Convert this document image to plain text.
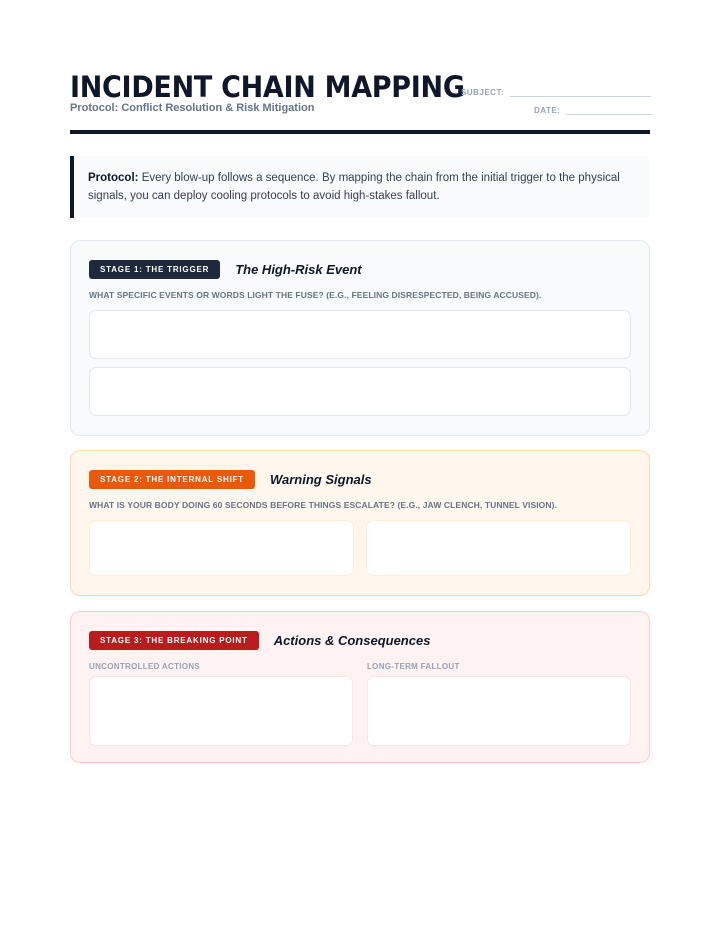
INCIDENT CHAIN MAPPING
Protocol: Conflict Resolution & Risk Mitigation
SUBJECT:
DATE:
Protocol: Every blow-up follows a sequence. By mapping the chain from the initial trigger to the physical signals, you can deploy cooling protocols to avoid high-stakes fallout.
STAGE 1: THE TRIGGER	The High-Risk Event
WHAT SPECIFIC EVENTS OR WORDS LIGHT THE FUSE? (E.G., FEELING DISRESPECTED, BEING ACCUSED).
STAGE 2: THE INTERNAL SHIFT	Warning Signals
WHAT IS YOUR BODY DOING 60 SECONDS BEFORE THINGS ESCALATE? (E.G., JAW CLENCH, TUNNEL VISION).
STAGE 3: THE BREAKING POINT	Actions & Consequences
UNCONTROLLED ACTIONS	LONG-TERM FALLOUT
